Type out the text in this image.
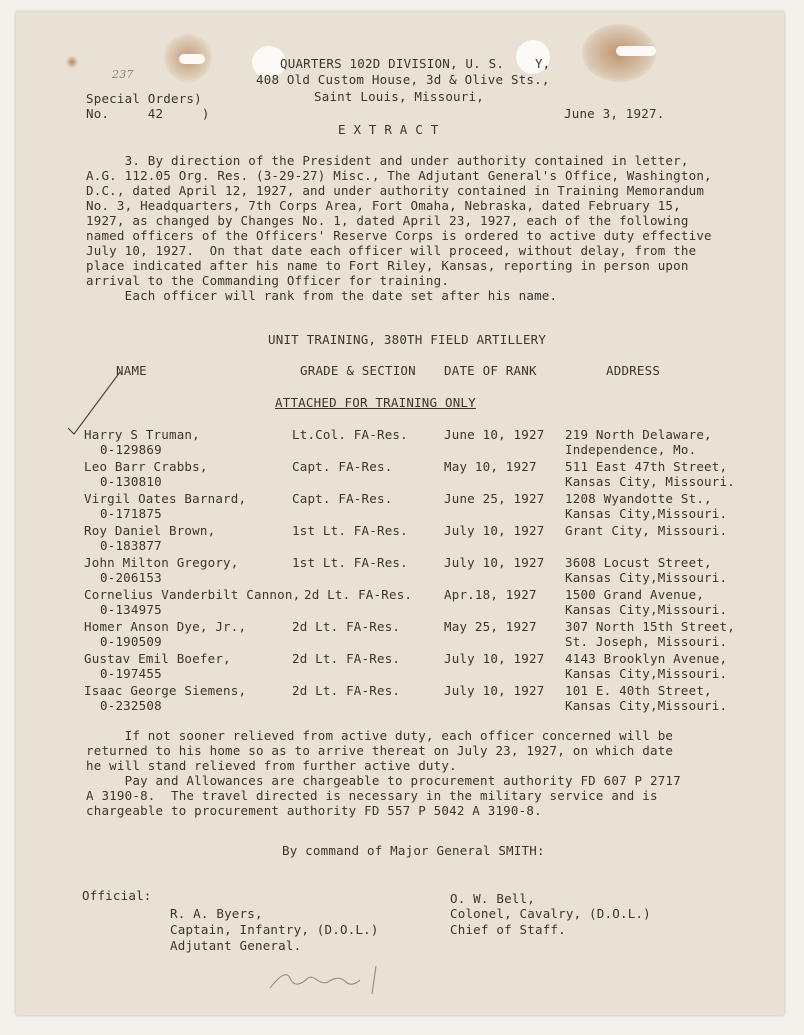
QUARTERS 102D DIVISION, U. S.    Y,
408 Old Custom House, 3d & Olive Sts.,
Saint Louis, Missouri,
237
Special Orders)
No.     42     )	June 3, 1927.
E X T R A C T
3. By direction of the President and under authority contained in letter,
A.G. 112.05 Org. Res. (3-29-27) Misc., The Adjutant General's Office, Washington,
D.C., dated April 12, 1927, and under authority contained in Training Memorandum
No. 3, Headquarters, 7th Corps Area, Fort Omaha, Nebraska, dated February 15,
1927, as changed by Changes No. 1, dated April 23, 1927, each of the following
named officers of the Officers' Reserve Corps is ordered to active duty effective
July 10, 1927.  On that date each officer will proceed, without delay, from the
place indicated after his name to Fort Riley, Kansas, reporting in person upon
arrival to the Commanding Officer for training.
Each officer will rank from the date set after his name.
UNIT TRAINING, 380TH FIELD ARTILLERY
NAME	GRADE & SECTION DATE OF RANK	ADDRESS
ATTACHED FOR TRAINING ONLY
Harry S Truman,
0-129869
Lt.Col. FA-Res.	June 10, 1927 219 North Delaware,
Independence, Mo.
Leo Barr Crabbs,
0-130810
Capt. FA-Res.	May 10, 1927 511 East 47th Street,
Kansas City, Missouri.
Virgil Oates Barnard,
0-171875
Capt. FA-Res.	June 25, 1927 1208 Wyandotte St.,
Kansas City,Missouri.
Roy Daniel Brown,
0-183877
1st Lt. FA-Res.	July 10, 1927 Grant City, Missouri.
John Milton Gregory,
0-206153
1st Lt. FA-Res.	July 10, 1927 3608 Locust Street,
Kansas City,Missouri.
Cornelius Vanderbilt Cannon,
0-134975
2d Lt. FA-Res.	Apr.18, 1927 1500 Grand Avenue,
Kansas City,Missouri.
Homer Anson Dye, Jr.,
0-190509
2d Lt. FA-Res.	May 25, 1927 307 North 15th Street,
St. Joseph, Missouri.
Gustav Emil Boefer,
0-197455
2d Lt. FA-Res.	July 10, 1927 4143 Brooklyn Avenue,
Kansas City,Missouri.
Isaac George Siemens,
0-232508
2d Lt. FA-Res.	July 10, 1927 101 E. 40th Street,
Kansas City,Missouri.
If not sooner relieved from active duty, each officer concerned will be
returned to his home so as to arrive thereat on July 23, 1927, on which date
he will stand relieved from further active duty.
Pay and Allowances are chargeable to procurement authority FD 607 P 2717
A 3190-8.  The travel directed is necessary in the military service and is
chargeable to procurement authority FD 557 P 5042 A 3190-8.
By command of Major General SMITH:
Official:
R. A. Byers,
Captain, Infantry, (D.O.L.)
Adjutant General.
O. W. Bell,
Colonel, Cavalry, (D.O.L.)
Chief of Staff.
